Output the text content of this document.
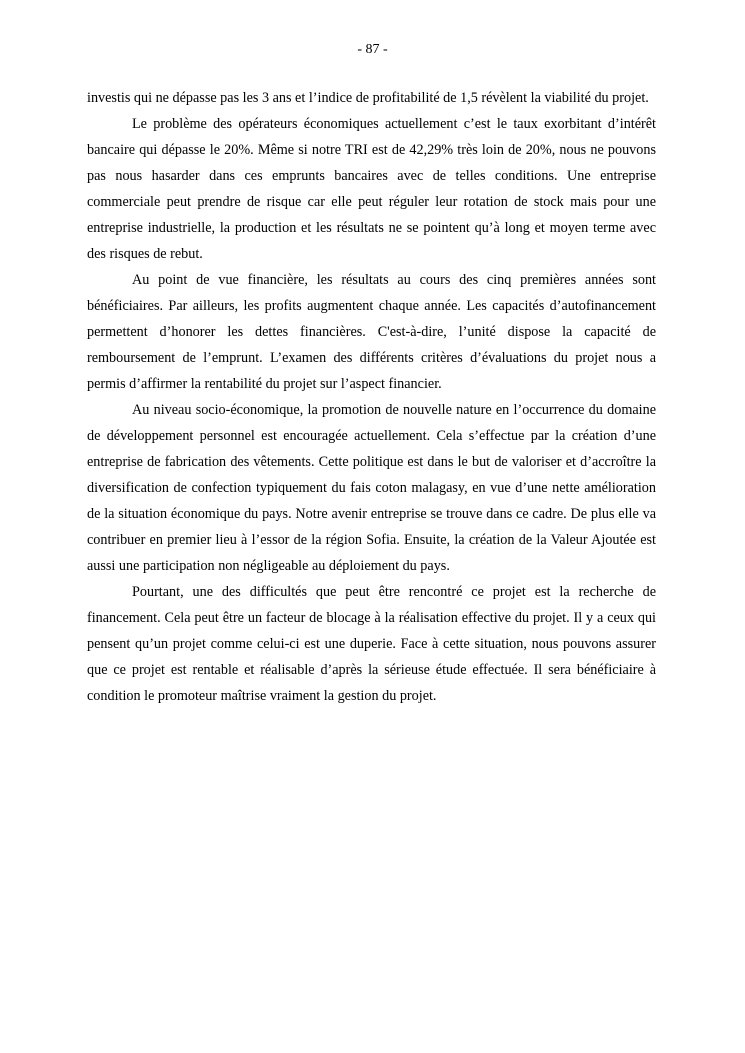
- 87 -

investis qui ne dépasse pas les 3 ans et l’indice de profitabilité de 1,5 révèlent la viabilité du projet.

Le problème des opérateurs économiques actuellement c’est le taux exorbitant d’intérêt bancaire qui dépasse le 20%. Même si notre TRI est de 42,29% très loin de 20%, nous ne pouvons pas nous hasarder dans ces emprunts bancaires avec de telles conditions. Une entreprise commerciale peut prendre de risque car elle peut réguler leur rotation de stock mais pour une entreprise industrielle, la production et les résultats ne se pointent qu’à long et moyen terme avec des risques de rebut.

Au point de vue financière, les résultats au cours des cinq premières années sont bénéficiaires. Par ailleurs, les profits augmentent chaque année. Les capacités d’autofinancement permettent d’honorer les dettes financières. C'est-à-dire, l’unité dispose la capacité de remboursement de l’emprunt. L’examen des différents critères d’évaluations du projet nous a permis d’affirmer la rentabilité du projet sur l’aspect financier.

Au niveau socio-économique, la promotion de nouvelle nature en l’occurrence du domaine de développement personnel est encouragée actuellement. Cela s’effectue par la création d’une entreprise de fabrication des vêtements. Cette politique est dans le but de valoriser et d’accroître la diversification de confection typiquement du fais coton malagasy, en vue d’une nette amélioration de la situation économique du pays. Notre avenir entreprise se trouve dans ce cadre. De plus elle va contribuer en premier lieu à l’essor de la région Sofia. Ensuite, la création de la Valeur Ajoutée est aussi une participation non négligeable au déploiement du pays.

Pourtant, une des difficultés que peut être rencontré ce projet est la recherche de financement. Cela peut être un facteur de blocage à la réalisation effective du projet. Il y a ceux qui pensent qu’un projet comme celui-ci est une duperie. Face à cette situation, nous pouvons assurer que ce projet est rentable et réalisable d’après la sérieuse étude effectuée. Il sera bénéficiaire à condition le promoteur maîtrise vraiment la gestion du projet.
